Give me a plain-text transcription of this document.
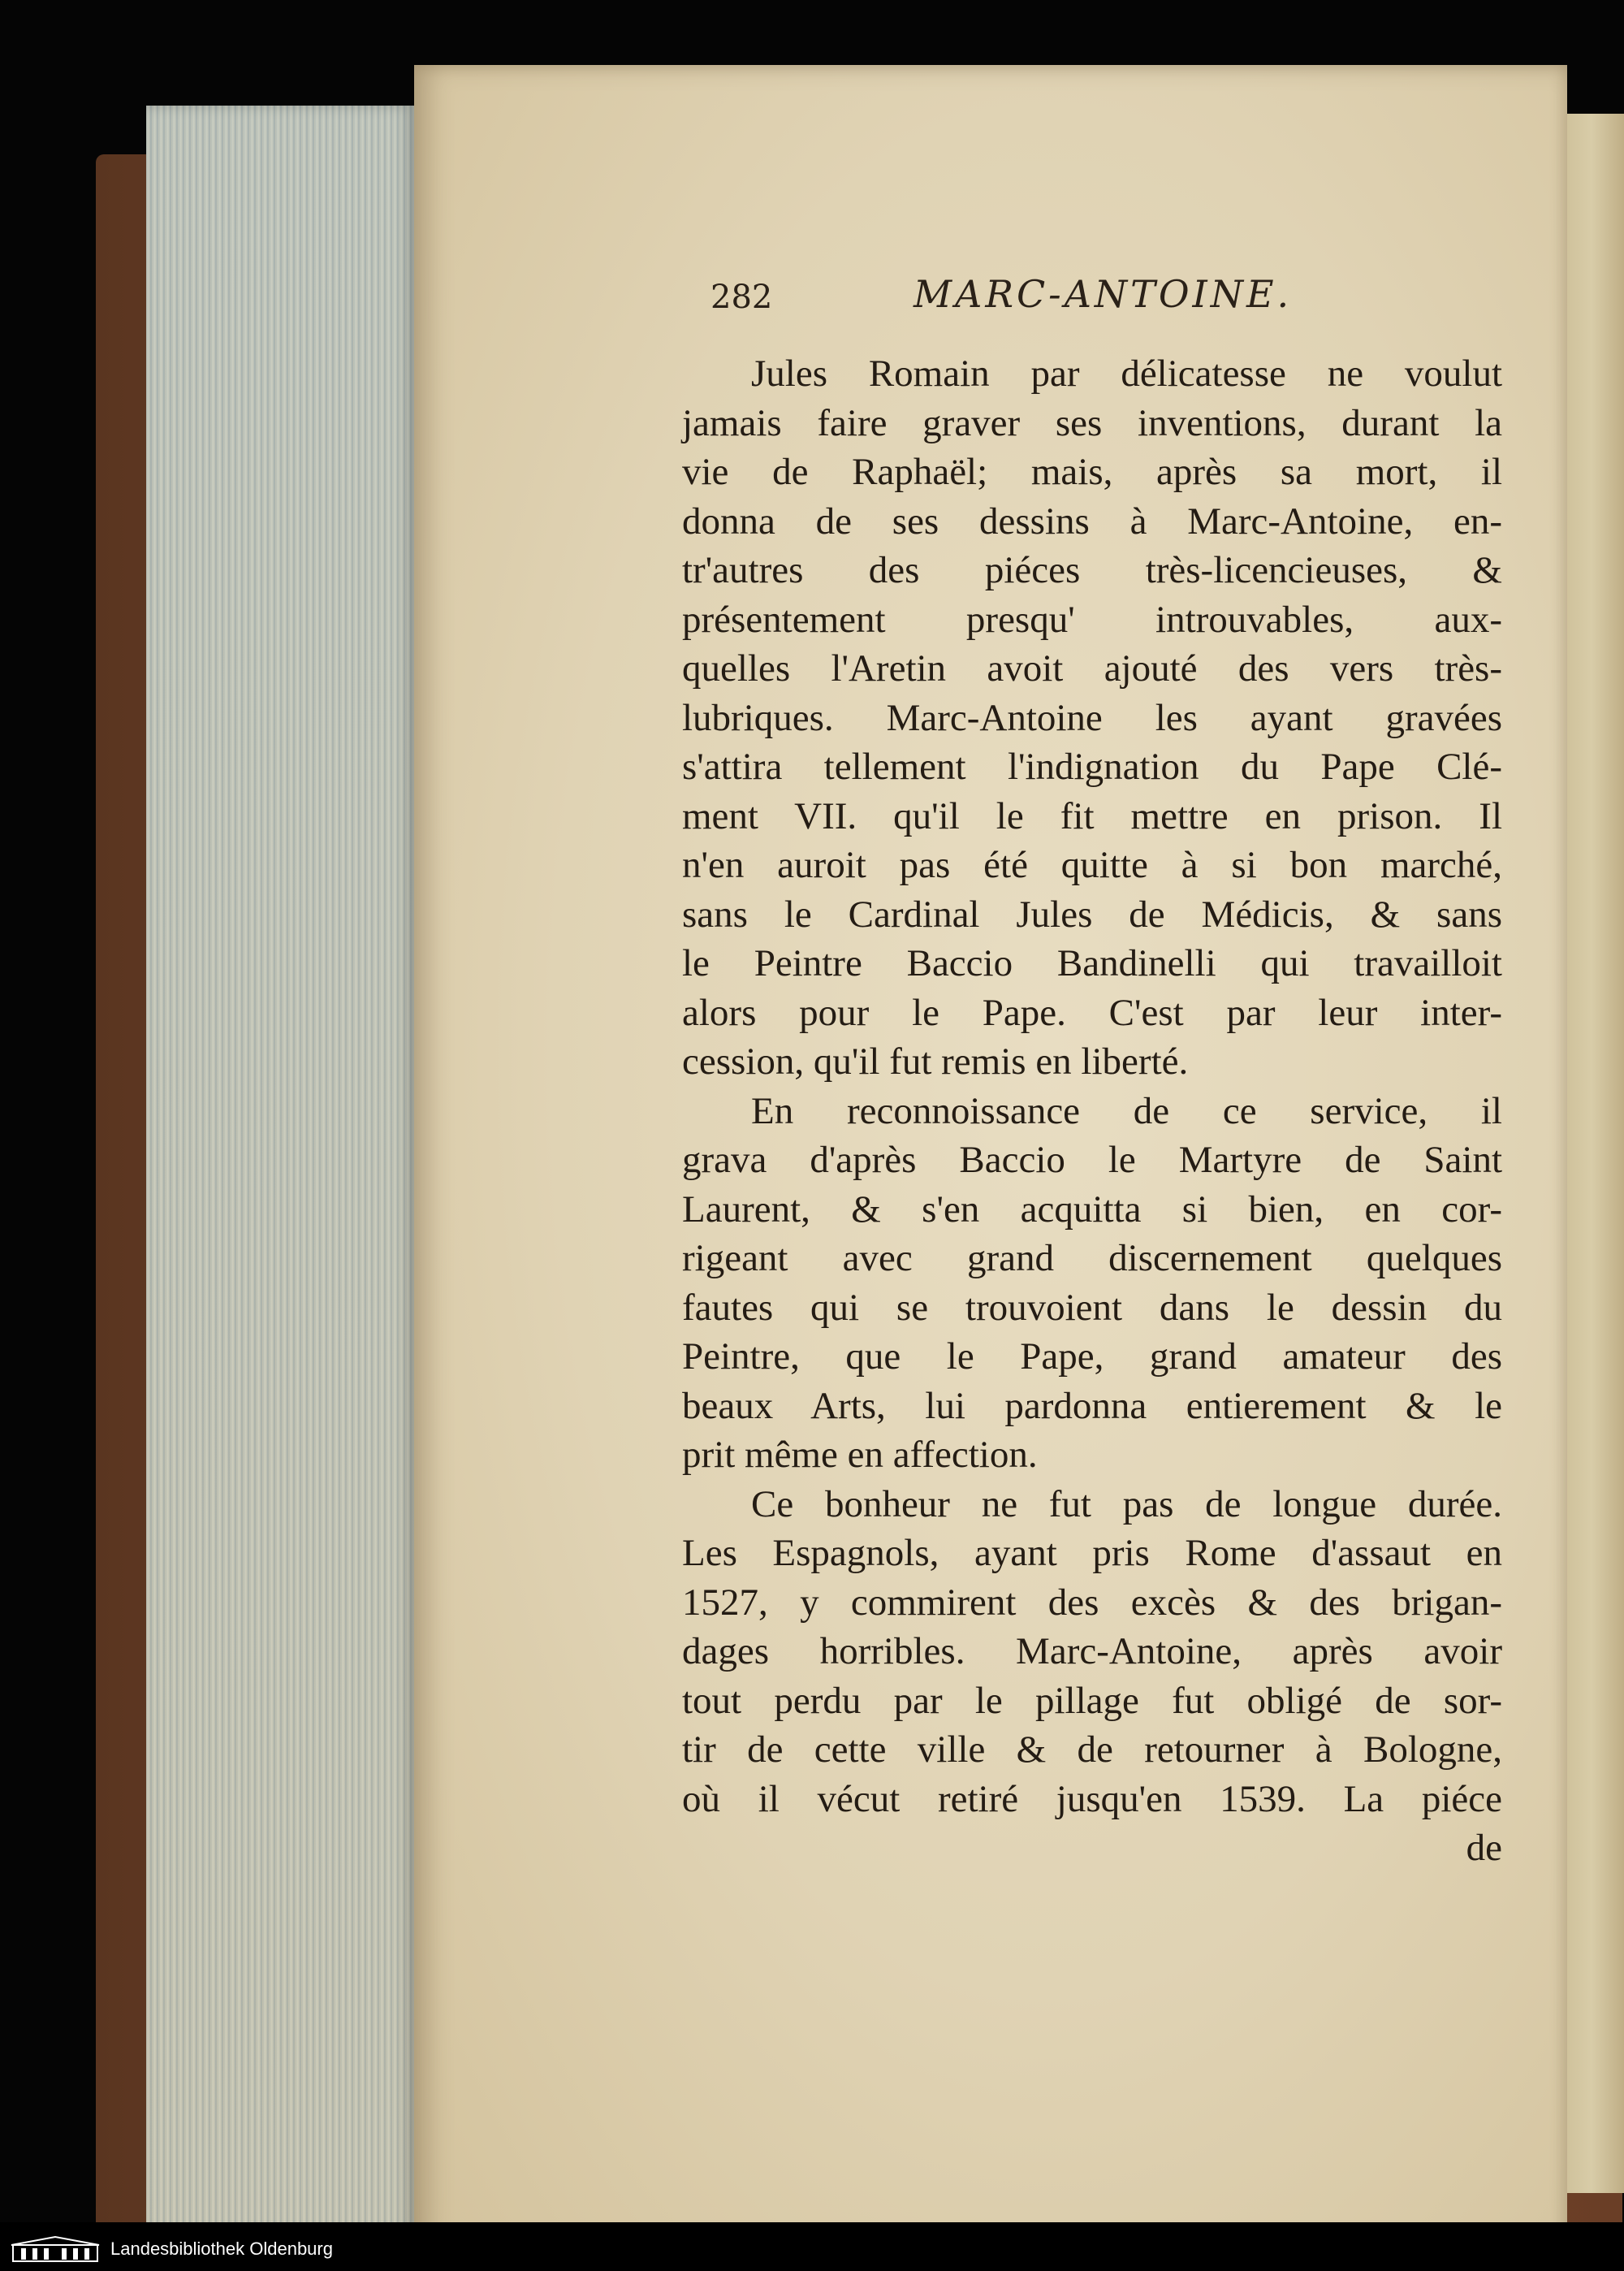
282	MARC-ANTOINE.
Jules Romain par délicatesse ne voulut
jamais faire graver ses inventions, durant la
vie de Raphaël; mais, après sa mort, il
donna de ses dessins à Marc-Antoine, en-
tr'autres des piéces très-licencieuses, &
présentement presqu' introuvables, aux-
quelles l'Aretin avoit ajouté des vers très-
lubriques. Marc-Antoine les ayant gravées
s'attira tellement l'indignation du Pape Clé-
ment VII. qu'il le fit mettre en prison. Il
n'en auroit pas été quitte à si bon marché,
sans le Cardinal Jules de Médicis, & sans
le Peintre Baccio Bandinelli qui travailloit
alors pour le Pape. C'est par leur inter-
cession, qu'il fut remis en liberté.
En reconnoissance de ce service, il
grava d'après Baccio le Martyre de Saint
Laurent, & s'en acquitta si bien, en cor-
rigeant avec grand discernement quelques
fautes qui se trouvoient dans le dessin du
Peintre, que le Pape, grand amateur des
beaux Arts, lui pardonna entierement & le
prit même en affection.
Ce bonheur ne fut pas de longue durée.
Les Espagnols, ayant pris Rome d'assaut en
1527, y commirent des excès & des brigan-
dages horribles. Marc-Antoine, après avoir
tout perdu par le pillage fut obligé de sor-
tir de cette ville & de retourner à Bologne,
où il vécut retiré jusqu'en 1539. La piéce
de
Landesbibliothek Oldenburg
